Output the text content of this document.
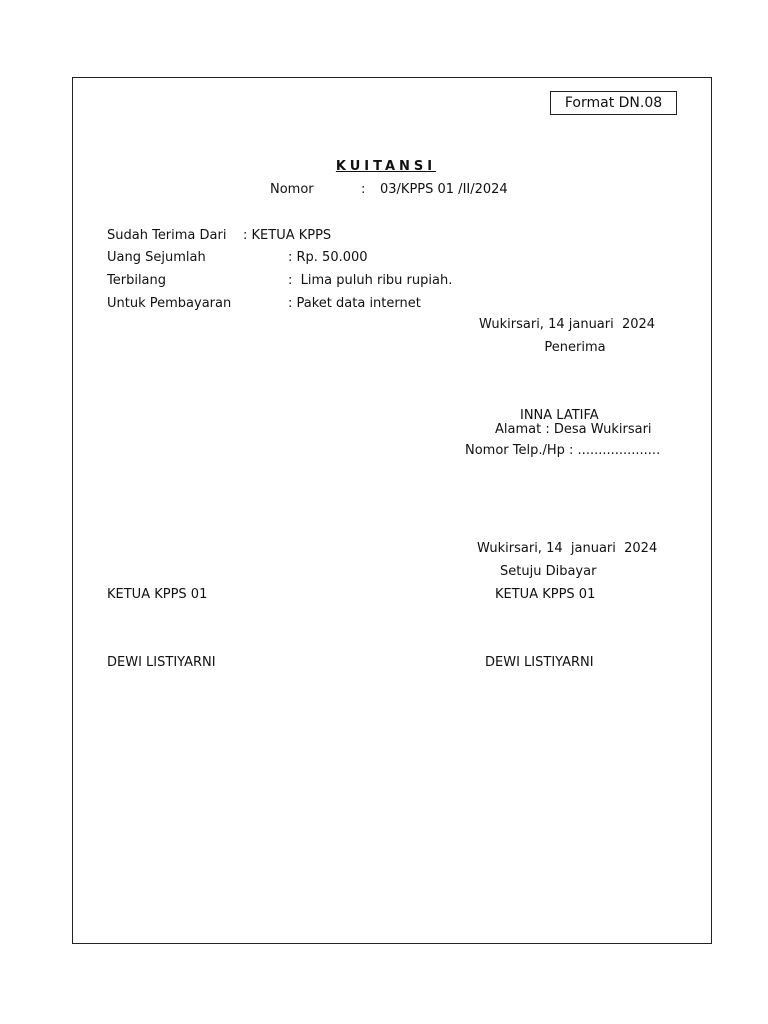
Format DN.08
KUITANSI
Nomor	: 03/KPPS 01 /II/2024
Sudah Terima Dari : KETUA KPPS
Uang Sejumlah	: Rp. 50.000
Terbilang	:  Lima puluh ribu rupiah.
Untuk Pembayaran	: Paket data internet
Wukirsari, 14 januari  2024
Penerima
INNA LATIFA
Alamat : Desa Wukirsari
Nomor Telp./Hp : ....................
Wukirsari, 14  januari  2024
Setuju Dibayar
KETUA KPPS 01	KETUA KPPS 01
DEWI LISTIYARNI	DEWI LISTIYARNI
